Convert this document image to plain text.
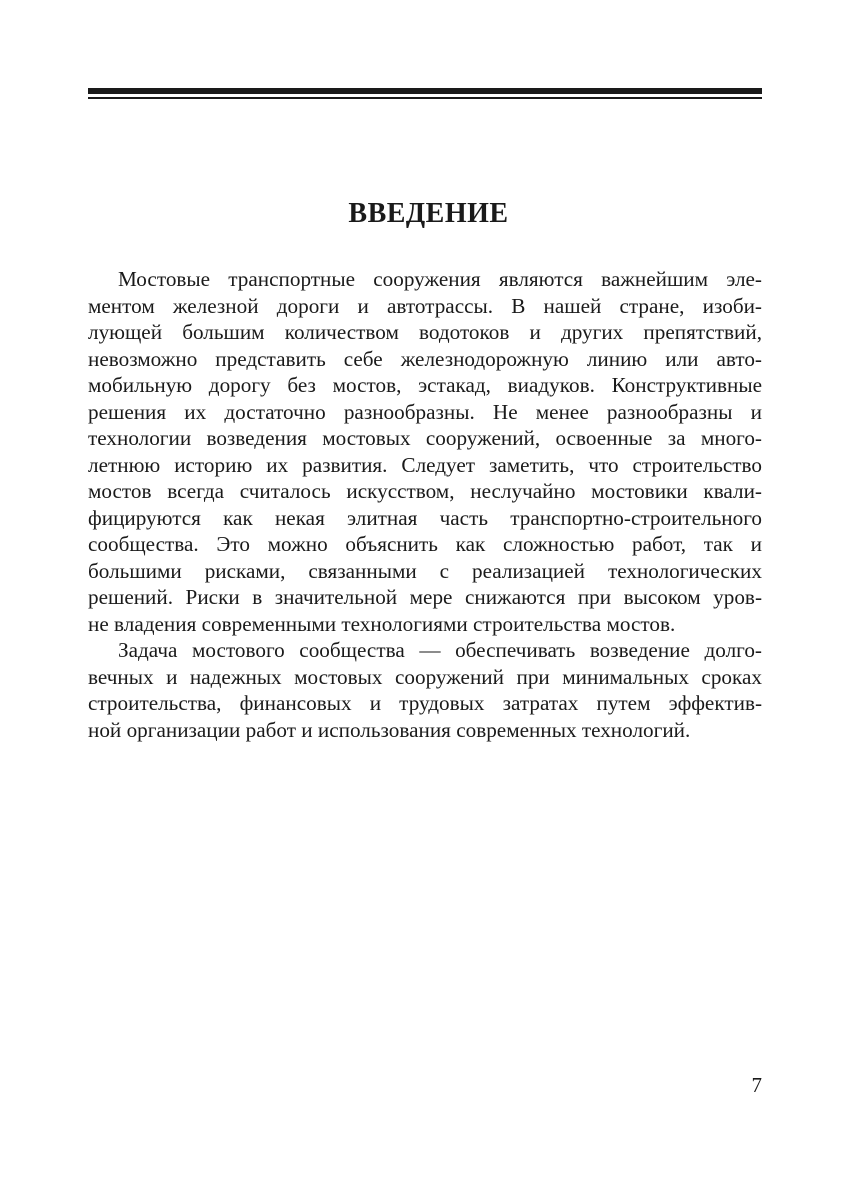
ВВЕДЕНИЕ
Мостовые транспортные сооружения являются важнейшим эле-
ментом железной дороги и автотрассы. В нашей стране, изоби-
лующей большим количеством водотоков и других препятствий,
невозможно представить себе железнодорожную линию или авто-
мобильную дорогу без мостов, эстакад, виадуков. Конструктивные
решения их достаточно разнообразны. Не менее разнообразны и
технологии возведения мостовых сооружений, освоенные за много-
летнюю историю их развития. Следует заметить, что строительство
мостов всегда считалось искусством, неслучайно мостовики квали-
фицируются как некая элитная часть транспортно-строительного
сообщества. Это можно объяснить как сложностью работ, так и
большими рисками, связанными с реализацией технологических
решений. Риски в значительной мере снижаются при высоком уров-
не владения современными технологиями строительства мостов.
Задача мостового сообщества — обеспечивать возведение долго-
вечных и надежных мостовых сооружений при минимальных сроках
строительства, финансовых и трудовых затратах путем эффектив-
ной организации работ и использования современных технологий.
7
